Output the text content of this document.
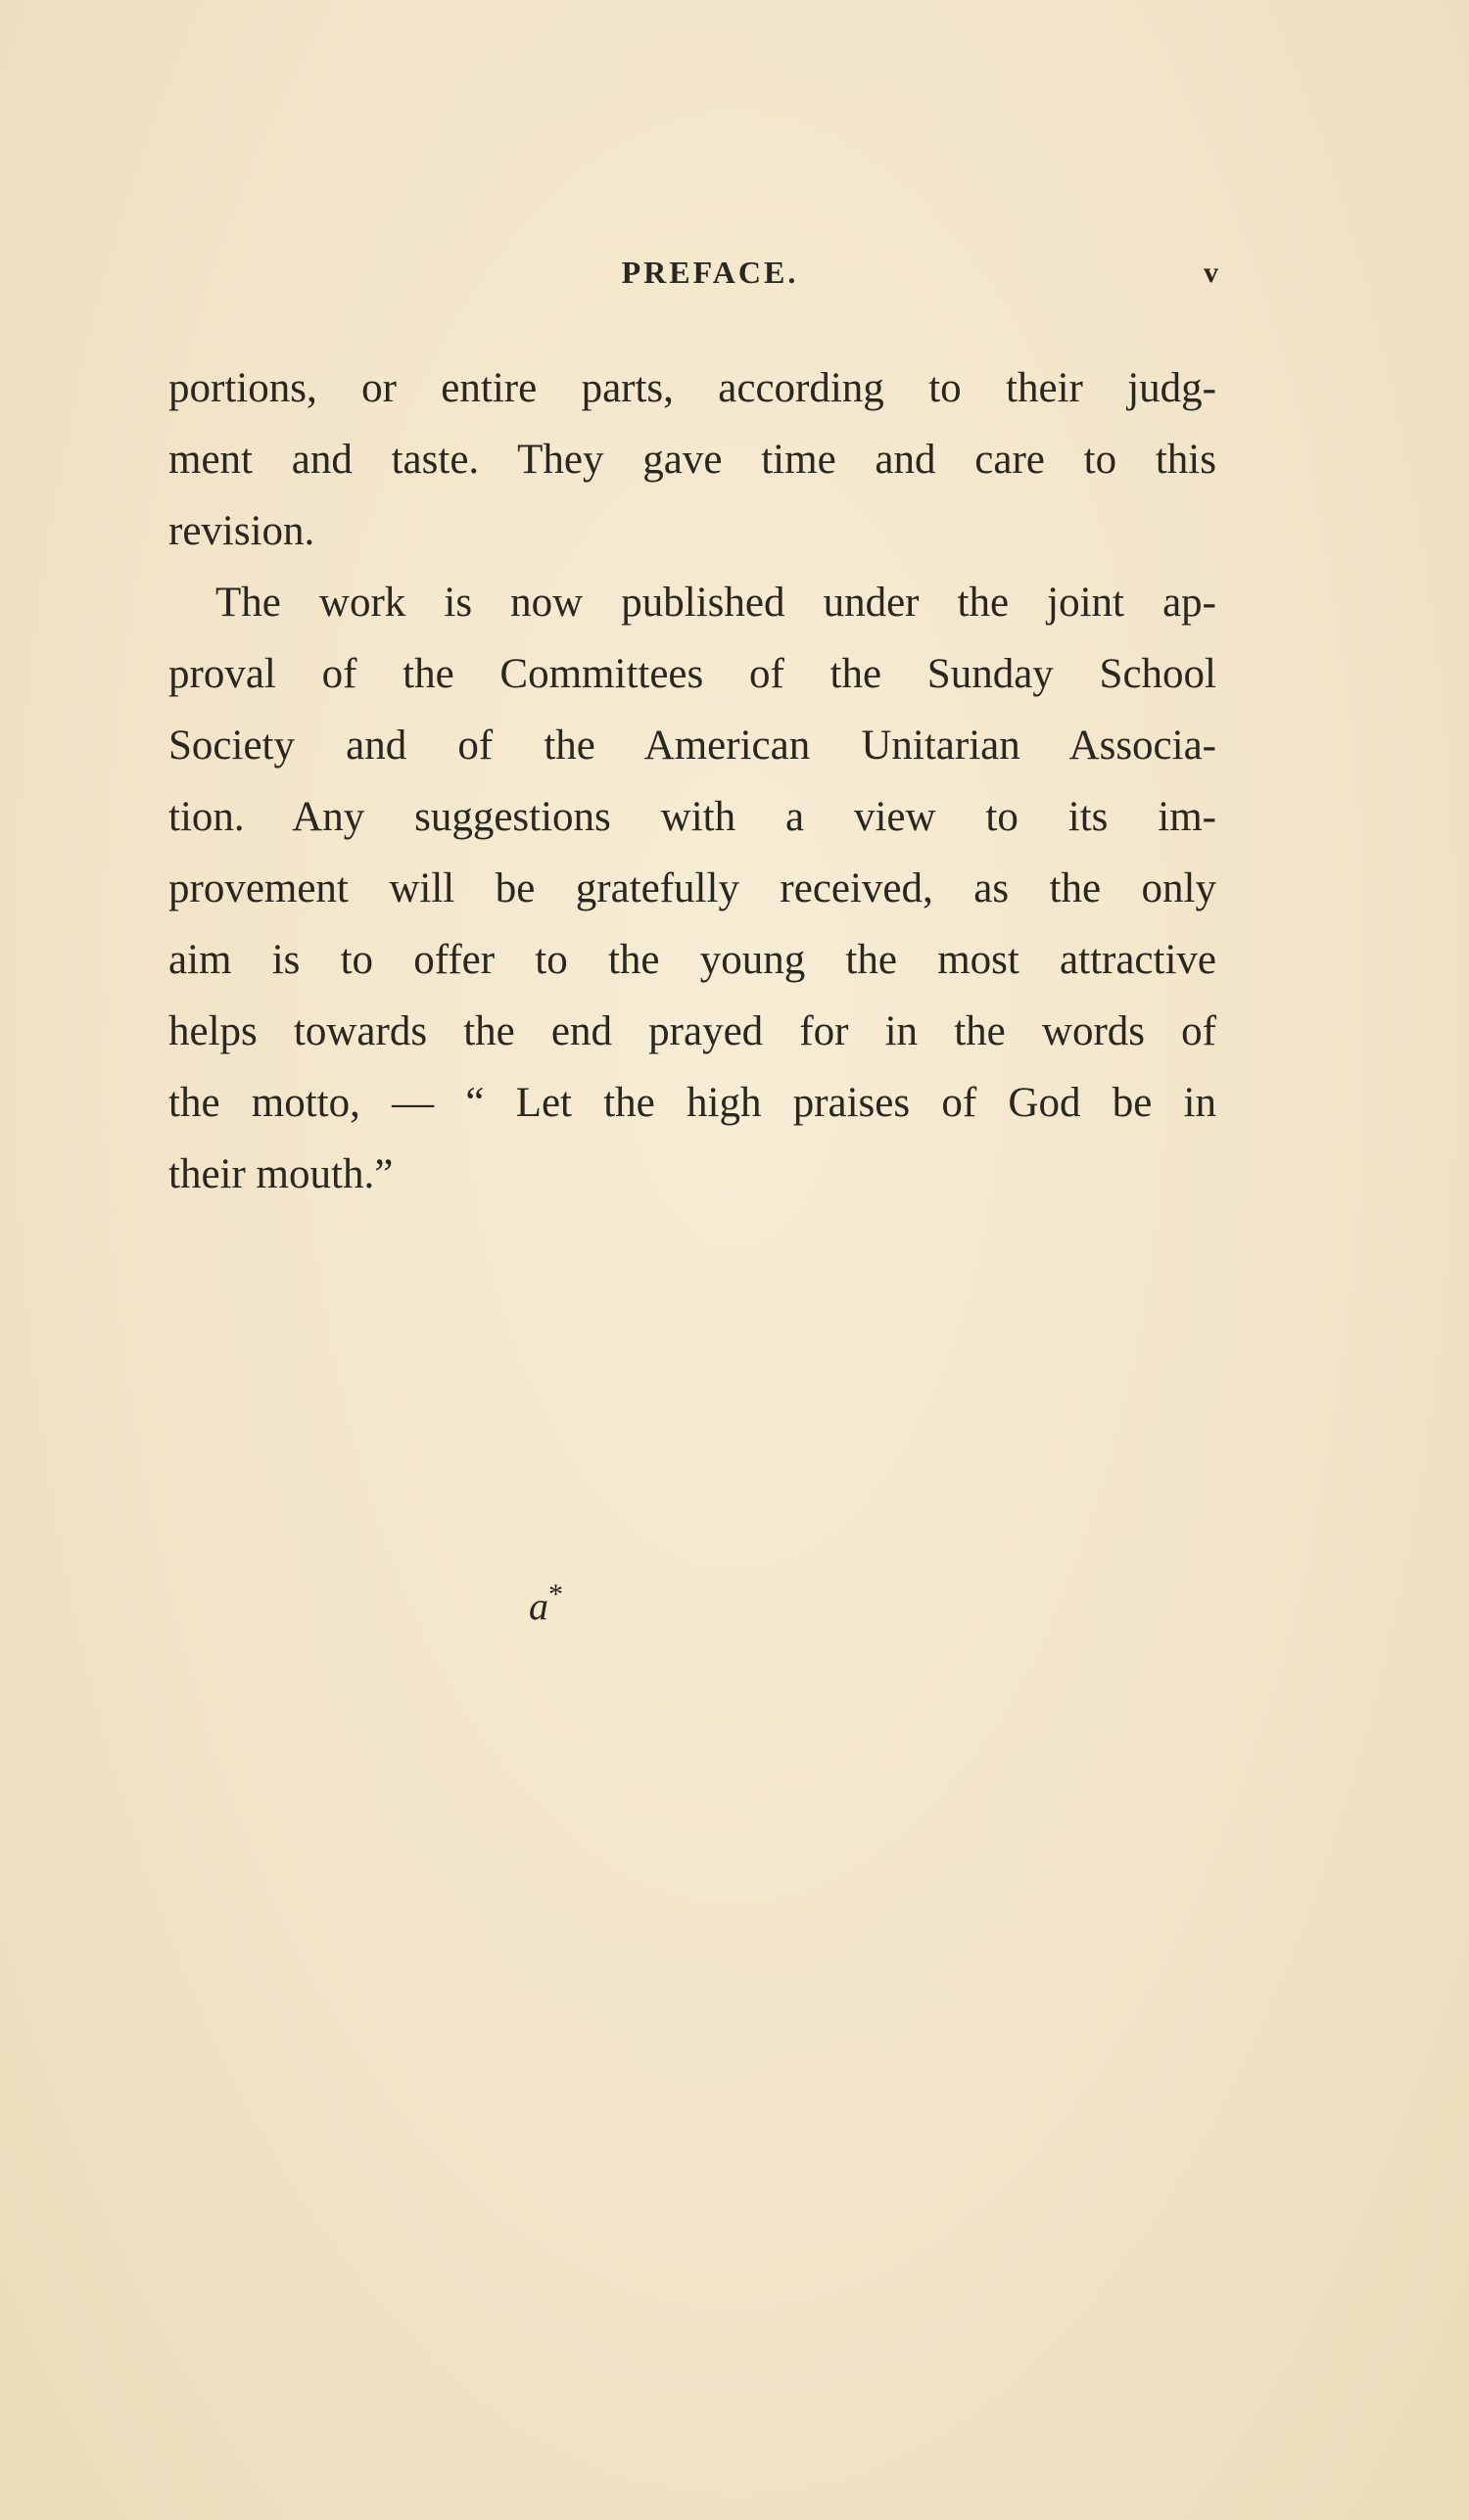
PREFACE.	v
portions, or entire parts, according to their judg-
ment and taste. They gave time and care to this
revision.
The work is now published under the joint ap-
proval of the Committees of the Sunday School
Society and of the American Unitarian Associa-
tion. Any suggestions with a view to its im-
provement will be gratefully received, as the only
aim is to offer to the young the most attractive
helps towards the end prayed for in the words of
the motto, — “ Let the high praises of God be in
their mouth.”
a*
